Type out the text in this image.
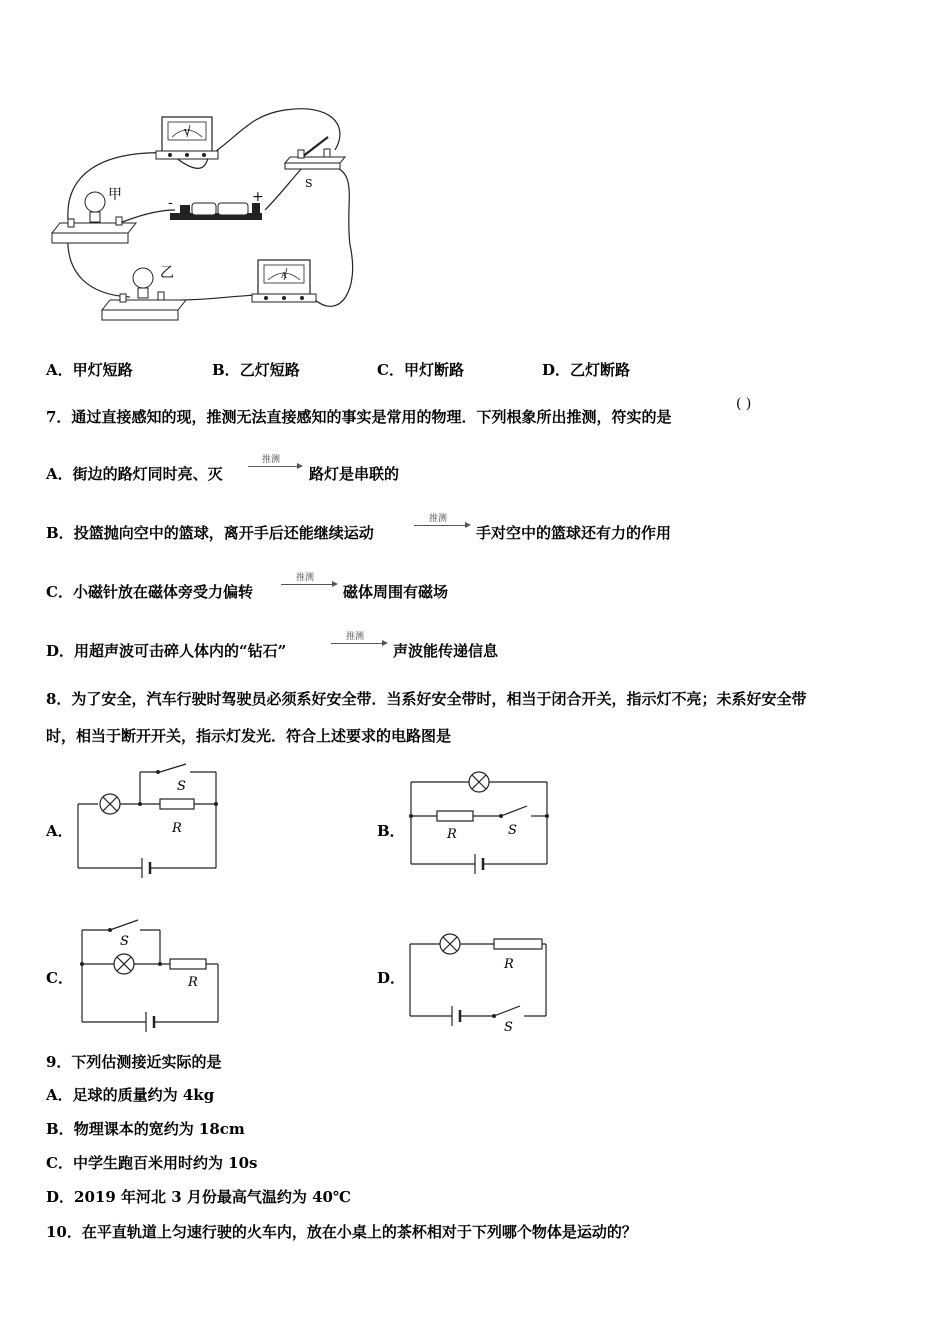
V
S
-	+
甲
乙	A
A．甲灯短路	B．乙灯短路	C．甲灯断路	D．乙灯断路
7．通过直接感知的现，推测无法直接感知的事实是常用的物理．下列根象所出推测，符实的是
( )
A．街边的路灯同时亮、灭
推测
路灯是串联的
B．投篮抛向空中的篮球，离开手后还能继续运动
推测
手对空中的篮球还有力的作用
C．小磁针放在磁体旁受力偏转
推测
磁体周围有磁场
D．用超声波可击碎人体内的“钻石”
推测
声波能传递信息
8．为了安全，汽车行驶时驾驶员必须系好安全带．当系好安全带时，相当于闭合开关，指示灯不亮；未系好安全带
时，相当于断开开关，指示灯发光．符合上述要求的电路图是
A．
S
R	B．	S
R
C．
S
R	D．
R
S
9．下列估测接近实际的是
A．足球的质量约为 4kg
B．物理课本的宽约为 18cm
C．中学生跑百米用时约为 10s
D．2019 年河北 3 月份最高气温约为 40℃
10．在平直轨道上匀速行驶的火车内，放在小桌上的茶杯相对于下列哪个物体是运动的？
